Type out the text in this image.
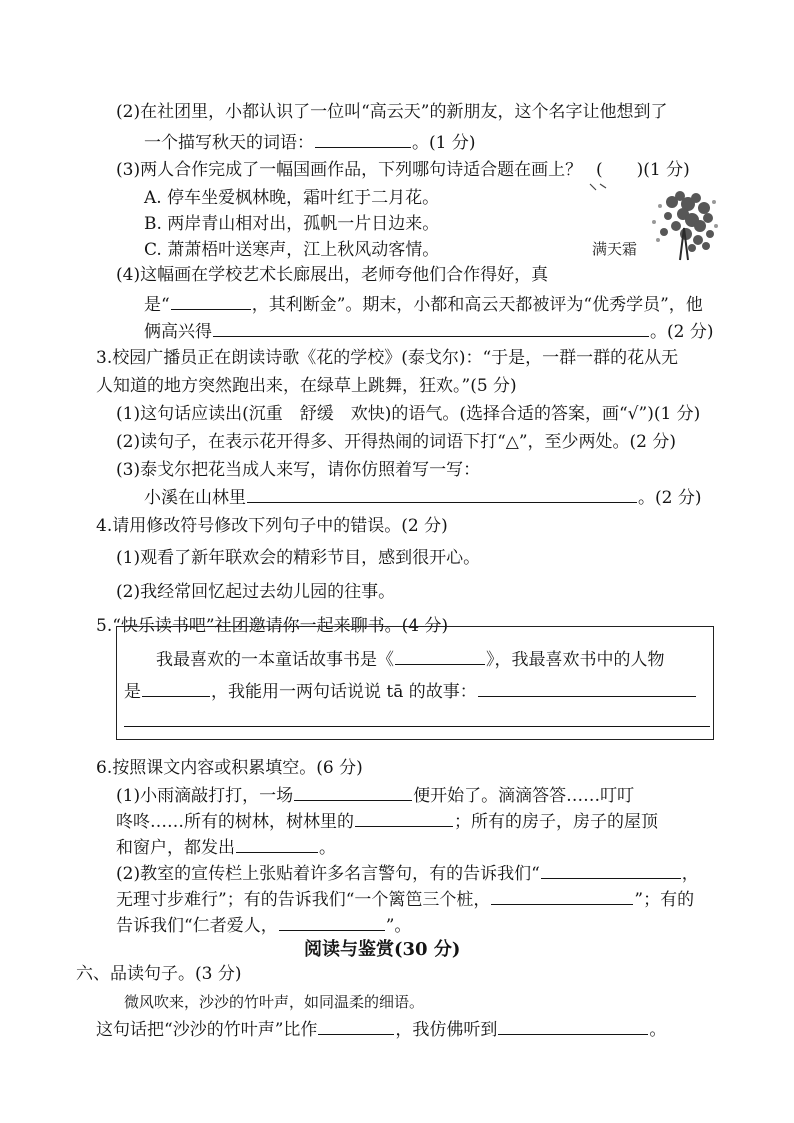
(2)在社团里，小都认识了一位叫“高云天”的新朋友，这个名字让他想到了
一个描写秋天的词语：	。(1 分)
(3)两人合作完成了一幅国画作品，下列哪句诗适合题在画上？ (　　)(1 分)
A. 停车坐爱枫林晚，霜叶红于二月花。
B. 两岸青山相对出，孤帆一片日边来。
C. 萧萧梧叶送寒声，江上秋风动客情。	满天霜
(4)这幅画在学校艺术长廊展出，老师夸他们合作得好，真
是“	，其利断金”。期末，小都和高云天都被评为“优秀学员”，他
俩高兴得	。(2 分)
3.校园广播员正在朗读诗歌《花的学校》(泰戈尔)：“于是，一群一群的花从无
人知道的地方突然跑出来，在绿草上跳舞，狂欢。”(5 分)
(1)这句话应读出(沉重　舒缓　欢快)的语气。(选择合适的答案，画“√”)(1 分)
(2)读句子，在表示花开得多、开得热闹的词语下打“△”，至少两处。(2 分)
(3)泰戈尔把花当成人来写，请你仿照着写一写：
小溪在山林里	。(2 分)
4.请用修改符号修改下列句子中的错误。(2 分)
(1)观看了新年联欢会的精彩节目，感到很开心。
(2)我经常回忆起过去幼儿园的往事。
5.“快乐读书吧”社团邀请你一起来聊书。(4 分)
我最喜欢的一本童话故事书是《	》，我最喜欢书中的人物
是	，我能用一两句话说说 tā 的故事：
6.按照课文内容或积累填空。(6 分)
(1)小雨滴敲打打，一场	便开始了。滴滴答答……叮叮
咚咚……所有的树林，树林里的	；所有的房子，房子的屋顶
和窗户，都发出	。
(2)教室的宣传栏上张贴着许多名言警句，有的告诉我们“	，
无理寸步难行”；有的告诉我们“一个篱笆三个桩，	”；有的
告诉我们“仁者爱人，	”。
阅读与鉴赏(30 分)
六、品读句子。(3 分)
微风吹来，沙沙的竹叶声，如同温柔的细语。
这句话把“沙沙的竹叶声”比作	，我仿佛听到	。
